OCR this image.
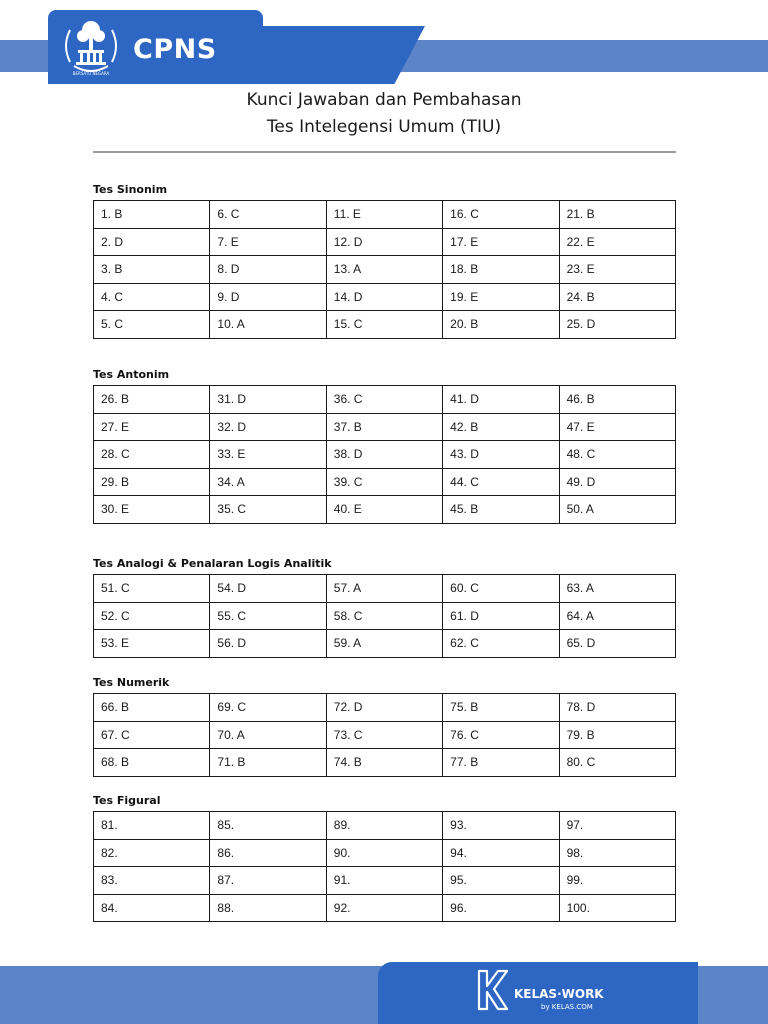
BERSATU NEGARA
CPNS
Kunci Jawaban dan Pembahasan
Tes Intelegensi Umum (TIU)
Tes Sinonim
1. B	6. C	11. E	16. C	21. B
2. D	7. E	12. D	17. E	22. E
3. B	8. D	13. A	18. B	23. E
4. C	9. D	14. D	19. E	24. B
5. C	10. A	15. C	20. B	25. D
Tes Antonim
26. B	31. D	36. C	41. D	46. B
27. E	32. D	37. B	42. B	47. E
28. C	33. E	38. D	43. D	48. C
29. B	34. A	39. C	44. C	49. D
30. E	35. C	40. E	45. B	50. A
Tes Analogi & Penalaran Logis Analitik
51. C	54. D	57. A	60. C	63. A
52. C	55. C	58. C	61. D	64. A
53. E	56. D	59. A	62. C	65. D
Tes Numerik
66. B	69. C	72. D	75. B	78. D
67. C	70. A	73. C	76. C	79. B
68. B	71. B	74. B	77. B	80. C
Tes Figural
81.	85.	89.	93.	97.
82.	86.	90.	94.	98.
83.	87.	91.	95.	99.
84.	88.	92.	96.	100.
KELAS·WORK
by KELAS.COM
